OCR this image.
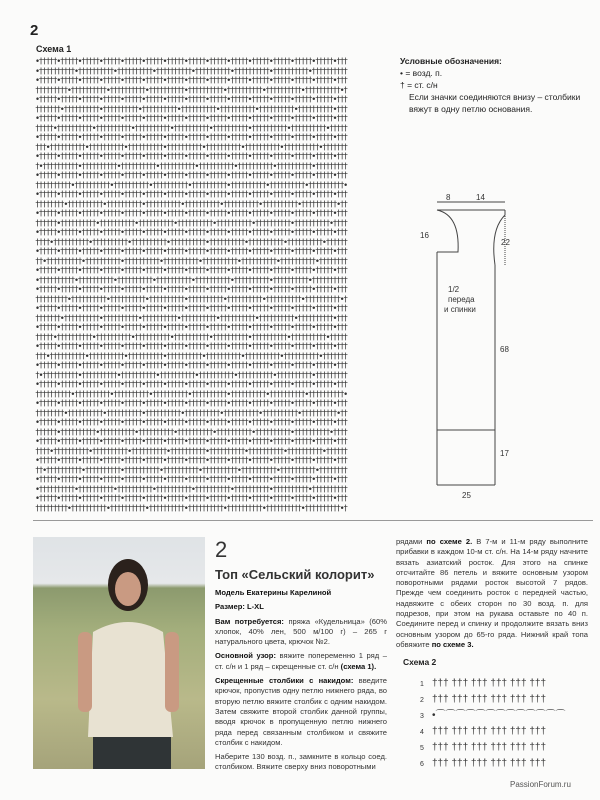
2
Схема 1
•†††††•†††††•†††††•†††††•†††††•†††††•†††††•†††††•†††††•†††††•†††††•†††††•†††††•†††††•†††
•††††††††††•††††††††††•††††††††††•††††††††††•††††††††††•††††††††††•††††††††††•††††††††††
•†††††•†††††•†††††•†††††•†††††•†††††•†††††•†††††•†††††•†††††•†††††•†††††•†††††•†††††•†††
†††††††††•††††††††††•††††††††††•††††††††††•††††††††††•††††††††††•††††††††††•††††††††††•†
•†††††•†††††•†††††•†††††•†††††•†††††•†††††•†††††•†††††•†††††•†††††•†††††•†††††•†††††•†††
†††††††•††††††††††•††††††††††•††††††††††•††††††††††•††††††††††•††††††††††•††††††††††•†††
•†††††•†††††•†††††•†††††•†††††•†††††•†††††•†††††•†††††•†††††•†††††•†††††•†††††•†††††•†††
†††††•††††††††††•††††††††††•††††††††††•††††††††††•††††††††††•††††††††††•††††††††††•†††††
•†††††•†††††•†††††•†††††•†††††•†††††•†††††•†††††•†††††•†††††•†††††•†††††•†††††•†††††•†††
†††•††††††††††•††††††††††•††††††††††•††††††††††•††††††††††•††††††††††•††††††††††•†††††††
•†††††•†††††•†††††•†††††•†††††•†††††•†††††•†††††•†††††•†††††•†††††•†††††•†††††•†††††•†††
†•††††††††††•††††††††††•††††††††††•††††††††††•††††††††††•††††††††††•††††††††††•†††††††††
•†††††•†††††•†††††•†††††•†††††•†††††•†††††•†††††•†††††•†††††•†††††•†††††•†††††•†††††•†††
††††††††††•††††††††††•††††††††††•††††††††††•††††††††††•††††††††††•††††††††††•††††††††††•
•†††††•†††††•†††††•†††††•†††††•†††††•†††††•†††††•†††††•†††††•†††††•†††††•†††††•†††††•†††
††††††††•††††††††††•††††††††††•††††††††††•††††††††††•††††††††††•††††††††††•††††††††††•††
•†††††•†††††•†††††•†††††•†††††•†††††•†††††•†††††•†††††•†††††•†††††•†††††•†††††•†††††•†††
††††††•††††††††††•††††††††††•††††††††††•††††††††††•††††††††††•††††††††††•††††††††††•††††
•†††††•†††††•†††††•†††††•†††††•†††††•†††††•†††††•†††††•†††††•†††††•†††††•†††††•†††††•†††
††††•††††††††††•††††††††††•††††††††††•††††††††††•††††††††††•††††††††††•††††††††††•††††††
•†††††•†††††•†††††•†††††•†††††•†††††•†††††•†††††•†††††•†††††•†††††•†††††•†††††•†††††•†††
††•††††††††††•††††††††††•††††††††††•††††††††††•††††††††††•††††††††††•††††††††††•††††††††
•†††††•†††††•†††††•†††††•†††††•†††††•†††††•†††††•†††††•†††††•†††††•†††††•†††††•†††††•†††
•††††††††††•††††††††††•††††††††††•††††††††††•††††††††††•††††††††††•††††††††††•††††††††††
•†††††•†††††•†††††•†††††•†††††•†††††•†††††•†††††•†††††•†††††•†††††•†††††•†††††•†††††•†††
†††††††††•††††††††††•††††††††††•††††††††††•††††††††††•††††††††††•††††††††††•††††††††††•†
•†††††•†††††•†††††•†††††•†††††•†††††•†††††•†††††•†††††•†††††•†††††•†††††•†††††•†††††•†††
†††††††•††††††††††•††††††††††•††††††††††•††††††††††•††††††††††•††††††††††•††††††††††•†††
•†††††•†††††•†††††•†††††•†††††•†††††•†††††•†††††•†††††•†††††•†††††•†††††•†††††•†††††•†††
†††††•††††††††††•††††††††††•††††††††††•††††††††††•††††††††††•††††††††††•††††††††††•†††††
•†††††•†††††•†††††•†††††•†††††•†††††•†††††•†††††•†††††•†††††•†††††•†††††•†††††•†††††•†††
†††•††††††††††•††††††††††•††††††††††•††††††††††•††††††††††•††††††††††•††††††††††•†††††††
•†††††•†††††•†††††•†††††•†††††•†††††•†††††•†††††•†††††•†††††•†††††•†††††•†††††•†††††•†††
†•††††††††††•††††††††††•††††††††††•††††††††††•††††††††††•††††††††††•††††††††††•†††††††††
•†††††•†††††•†††††•†††††•†††††•†††††•†††††•†††††•†††††•†††††•†††††•†††††•†††††•†††††•†††
††††††††††•††††††††††•††††††††††•††††††††††•††††††††††•††††††††††•††††††††††•††††††††††•
•†††††•†††††•†††††•†††††•†††††•†††††•†††††•†††††•†††††•†††††•†††††•†††††•†††††•†††††•†††
††††††††•††††††††††•††††††††††•††††††††††•††††††††††•††††††††††•††††††††††•††††††††††•††
•†††††•†††††•†††††•†††††•†††††•†††††•†††††•†††††•†††††•†††††•†††††•†††††•†††††•†††††•†††
††††††•††††††††††•††††††††††•††††††††††•††††††††††•††††††††††•††††††††††•††††††††††•††††
•†††††•†††††•†††††•†††††•†††††•†††††•†††††•†††††•†††††•†††††•†††††•†††††•†††††•†††††•†††
††††•††††††††††•††††††††††•††††††††††•††††††††††•††††††††††•††††††††††•††††††††††•††††††
•†††††•†††††•†††††•†††††•†††††•†††††•†††††•†††††•†††††•†††††•†††††•†††††•†††††•†††††•†††
††•††††††††††•††††††††††•††††††††††•††††††††††•††††††††††•††††††††††•††††††††††•††††††††
•†††††•†††††•†††††•†††††•†††††•†††††•†††††•†††††•†††††•†††††•†††††•†††††•†††††•†††††•†††
•††††††††††•††††††††††•††††††††††•††††††††††•††††††††††•††††††††††•††††††††††•††††††††††
•†††††•†††††•†††††•†††††•†††††•†††††•†††††•†††††•†††††•†††††•†††††•†††††•†††††•†††††•†††
†††††††††•††††††††††•††††††††††•††††††††††•††††††††††•††††††††††•††††††††††•††††††††††•†
Условные обозначения:
• = возд. п.
† = ст. с/н
Если значки соединяются внизу – столбики вяжут в одну петлю основания.
8	14
16
22
1/2
переда
и спинки
68
17
25
2
Топ «Сельский колорит»

Модель Екатерины Карелиной

Размер: L-XL

Вам потребуется: пряжа «Кудельница» (60% хлопок, 40% лен, 500 м/100 г) – 265 г натурального цвета, крючок №2.

Основной узор: вяжите попеременно 1 ряд – ст. с/н и 1 ряд – скрещенные ст. с/н (схема 1).

Скрещенные столбики с накидом: введите крючок, пропустив одну петлю нижнего ряда, во вторую петлю вяжите столбик с одним накидом. Затем свяжите второй столбик данной группы, вводя крючок в пропущенную петлю нижнего ряда перед связанным столбиком и свяжите столбик с накидом.

Наберите 130 возд. п., замкните в кольцо соед. столбиком. Вяжите сверху вниз поворотными

рядами по схеме 2. В 7-м и 11-м ряду выполните прибавки в каждом 10-м ст. с/н. На 14-м ряду начните вязать азиатский росток. Для этого на спинке отсчитайте 86 петель и вяжите основным узором поворотными рядами росток высотой 7 рядов. Прежде чем соединить росток с передней частью, надвяжите с обеих сторон по 30 возд. п. для подрезов, при этом на рукава оставьте по 40 п. Соедините перед и спинку и продолжите вязать вниз основным узором до 65-го ряда. Нижний край топа обвяжите по схеме 3.
Схема 2
1 ††† ††† ††† ††† ††† †††
2 ††† ††† ††† ††† ††† †††
3 •⌒⌒⌒⌒⌒⌒⌒⌒⌒⌒⌒⌒⌒
4 ††† ††† ††† ††† ††† †††
5 ††† ††† ††† ††† ††† †††
6 ††† ††† ††† ††† ††† †††
PassionForum.ru
